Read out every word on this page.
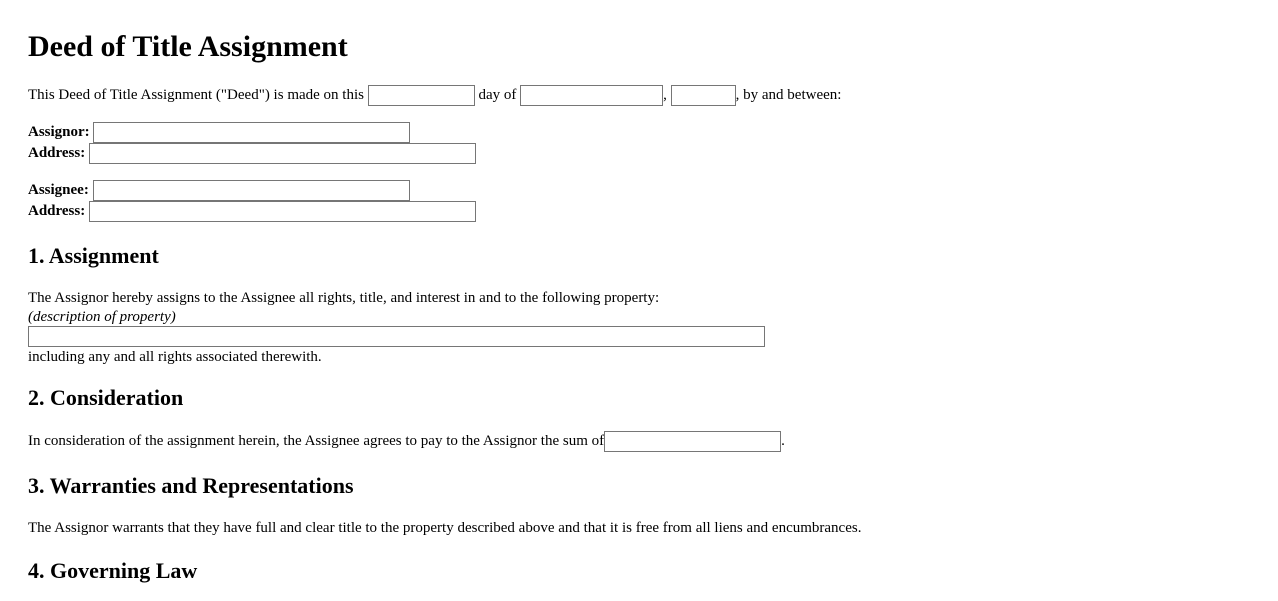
Deed of Title Assignment
This Deed of Title Assignment ("Deed") is made on this	day of	,	, by and between:
Assignor:
Address:
Assignee:
Address:
1. Assignment
The Assignor hereby assigns to the Assignee all rights, title, and interest in and to the following property:
(description of property)
including any and all rights associated therewith.
2. Consideration
In consideration of the assignment herein, the Assignee agrees to pay to the Assignor the sum of	.
3. Warranties and Representations
The Assignor warrants that they have full and clear title to the property described above and that it is free from all liens and encumbrances.
4. Governing Law
